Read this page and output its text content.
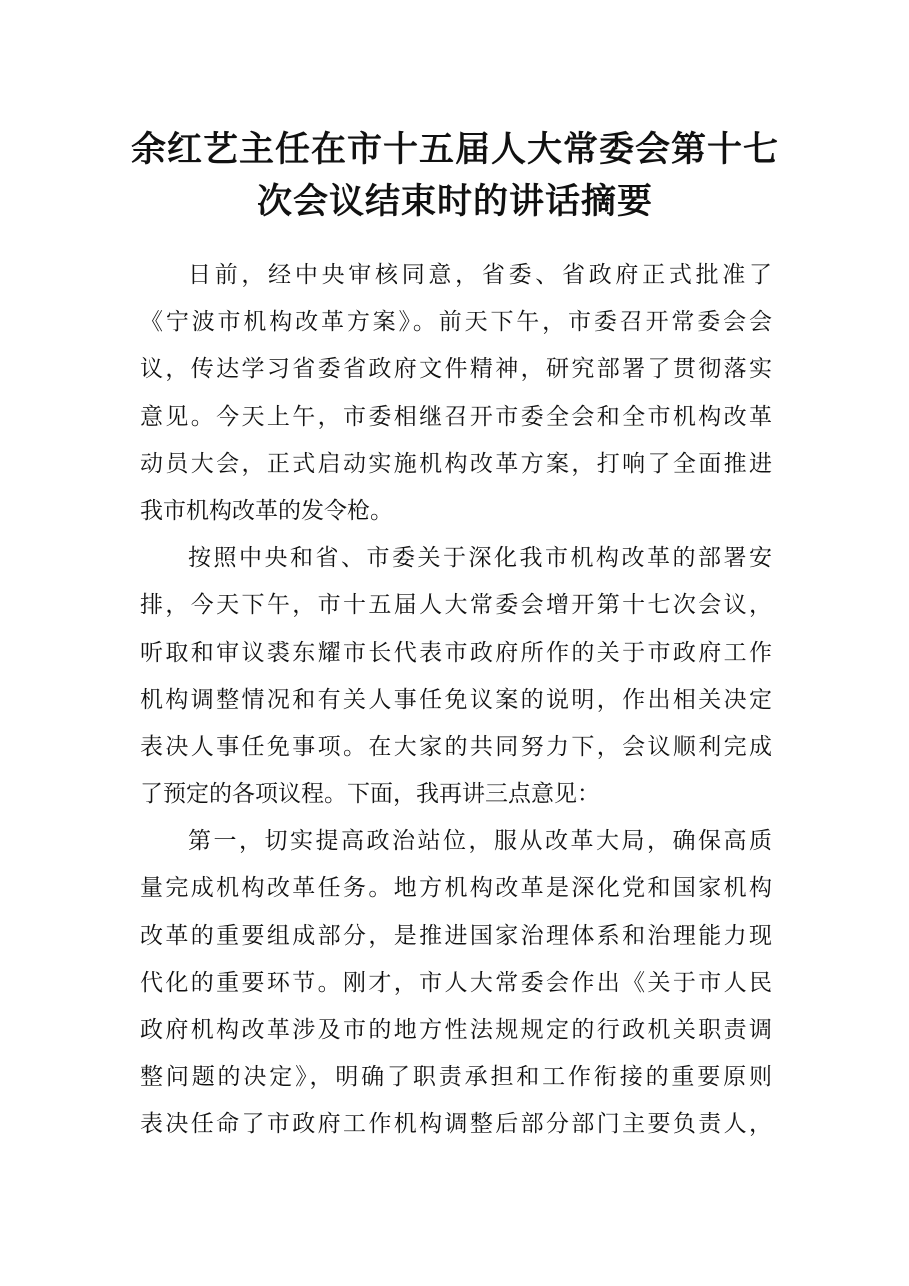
余红艺主任在市十五届人大常委会第十七
次会议结束时的讲话摘要
日前，经中央审核同意，省委、省政府正式批准了
《宁波市机构改革方案》。前天下午，市委召开常委会会
议，传达学习省委省政府文件精神，研究部署了贯彻落实
意见。今天上午，市委相继召开市委全会和全市机构改革
动员大会，正式启动实施机构改革方案，打响了全面推进
我市机构改革的发令枪。
按照中央和省、市委关于深化我市机构改革的部署安
排，今天下午，市十五届人大常委会增开第十七次会议，
听取和审议裘东耀市长代表市政府所作的关于市政府工作
机构调整情况和有关人事任免议案的说明，作出相关决定
表决人事任免事项。在大家的共同努力下，会议顺利完成
了预定的各项议程。下面，我再讲三点意见：
第一，切实提高政治站位，服从改革大局，确保高质
量完成机构改革任务。地方机构改革是深化党和国家机构
改革的重要组成部分，是推进国家治理体系和治理能力现
代化的重要环节。刚才，市人大常委会作出《关于市人民
政府机构改革涉及市的地方性法规规定的行政机关职责调
整问题的决定》，明确了职责承担和工作衔接的重要原则
表决任命了市政府工作机构调整后部分部门主要负责人，
